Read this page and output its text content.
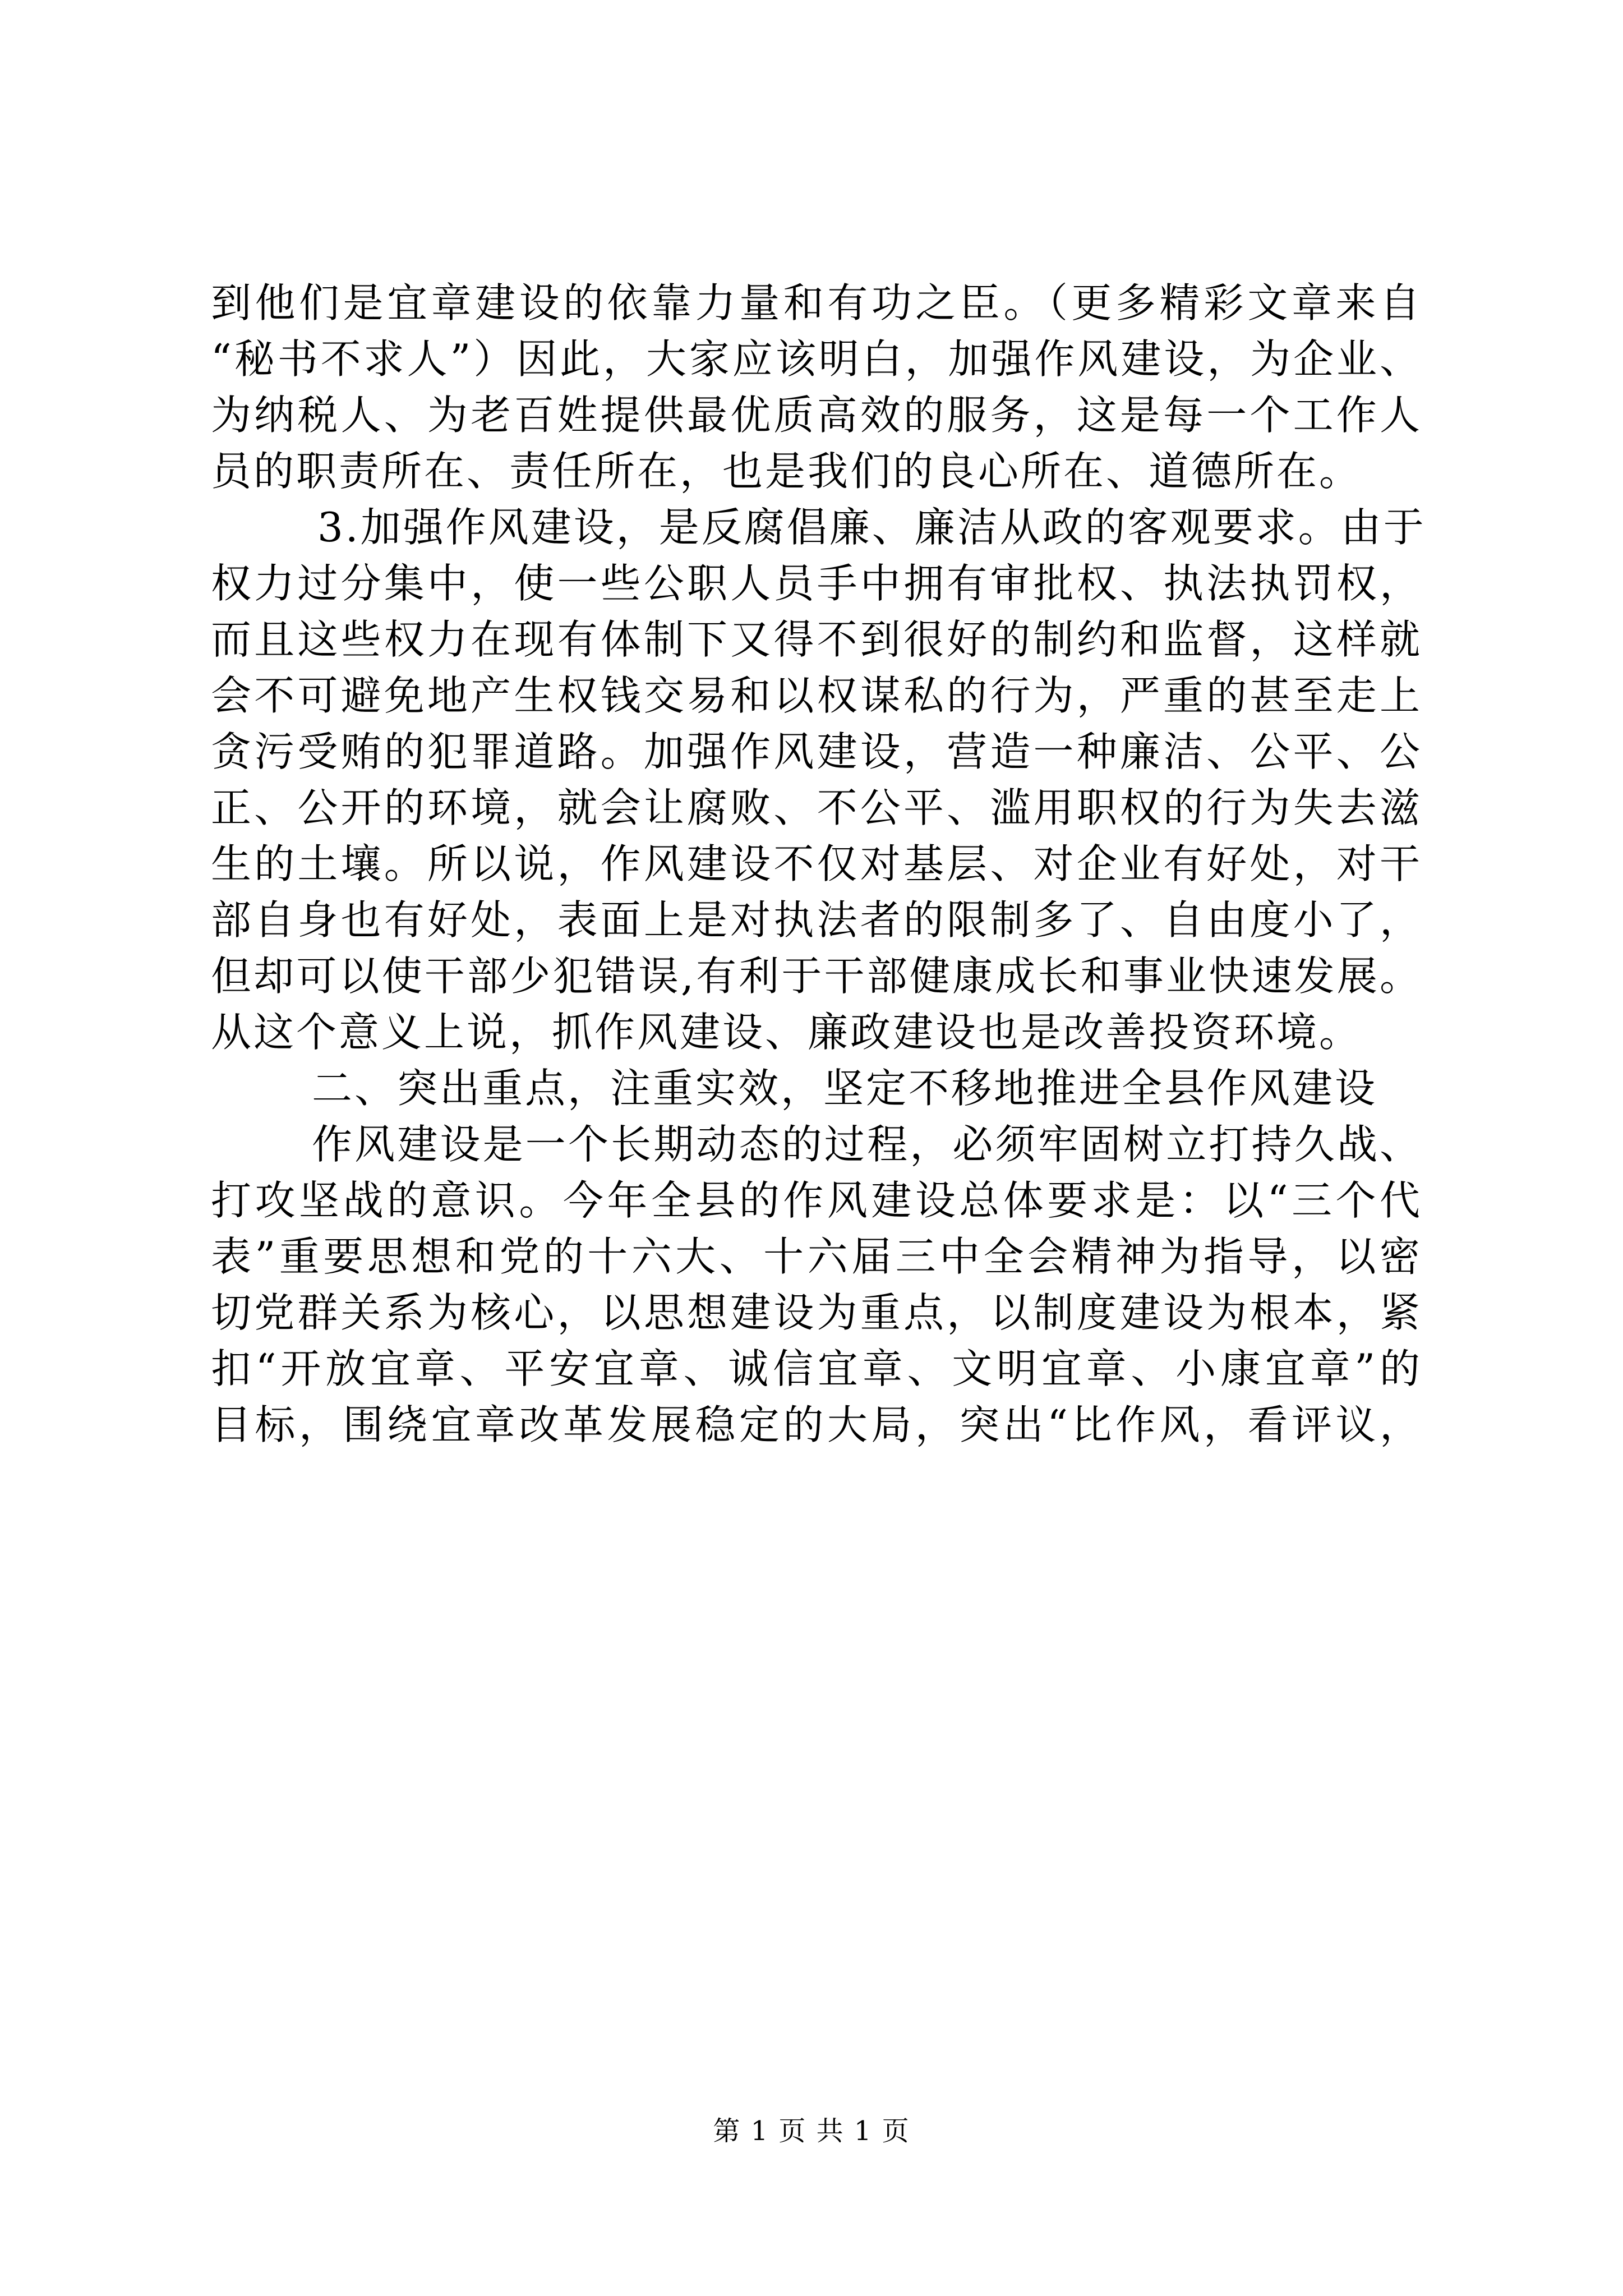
到他们是宜章建设的依靠力量和有功之臣。（更多精彩文章来自
“秘书不求人”）因此，大家应该明白，加强作风建设，为企业、
为纳税人、为老百姓提供最优质高效的服务，这是每一个工作人
员的职责所在、责任所在，也是我们的良心所在、道德所在。
3.加强作风建设，是反腐倡廉、廉洁从政的客观要求。由于
权力过分集中，使一些公职人员手中拥有审批权、执法执罚权，
而且这些权力在现有体制下又得不到很好的制约和监督，这样就
会不可避免地产生权钱交易和以权谋私的行为，严重的甚至走上
贪污受贿的犯罪道路。加强作风建设，营造一种廉洁、公平、公
正、公开的环境，就会让腐败、不公平、滥用职权的行为失去滋
生的土壤。所以说，作风建设不仅对基层、对企业有好处，对干
部自身也有好处，表面上是对执法者的限制多了、自由度小了，
但却可以使干部少犯错误,有利于干部健康成长和事业快速发展。
从这个意义上说，抓作风建设、廉政建设也是改善投资环境。
二、突出重点，注重实效，坚定不移地推进全县作风建设
作风建设是一个长期动态的过程，必须牢固树立打持久战、
打攻坚战的意识。今年全县的作风建设总体要求是：以“三个代
表”重要思想和党的十六大、十六届三中全会精神为指导，以密
切党群关系为核心，以思想建设为重点，以制度建设为根本，紧
扣“开放宜章、平安宜章、诚信宜章、文明宜章、小康宜章”的
目标，围绕宜章改革发展稳定的大局，突出“比作风，看评议，
第 1 页 共 1 页
